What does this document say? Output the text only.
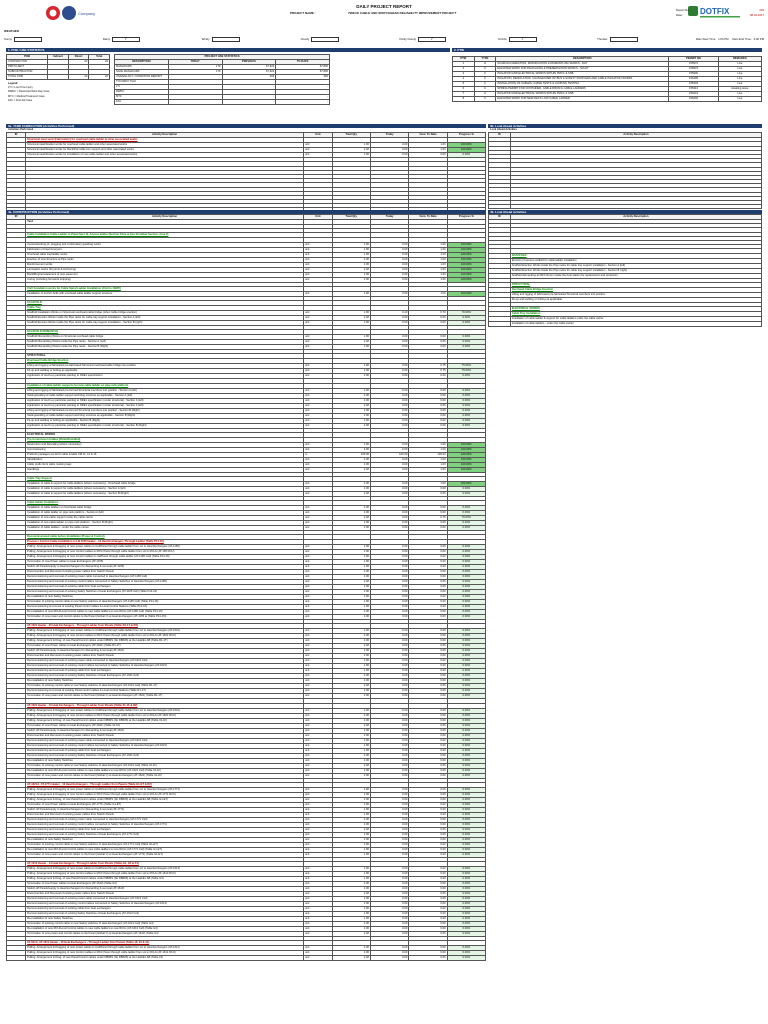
Company
DAILY PROJECT REPORT
PROJECT NAME :	TWEAK CABLE AND SWITCHGEAR RELIABILITY IMPROVEMENT PROJECT	DOTFIX
Report No. :	203
Date:	08.02.2017
WEATHER
Sunny	Rainy	✓	Windy	Cloudy	Partly Cloudy	✓	Drizzle	✓	Thunder	Rain Start Time: 1:00 PM Rain End Time: 4:00 PM
1. POB / HSE STATISTICS
POB	Indirect	Direct	Total
CONTRACTOR		22	22
PMT/CLIENT			
SUBCONTRACTOR			
TOTAL POB		22	22
Legend:
LTI = Lost Time Injury
RWDC = Restricted Work Day Case
MTC = Medical Treatment Case
FAC = First Aid Case
PROJECT HSE STATISTICS			
DESCRIPTION	TODAY	PREVIOUS	TO DATE
MANHOURS	176	67,624	67,800
SAFE MANHOURS	176	67,624	67,800
UNSAFE ACT / CONDITION REPORT		366	366
TOOLBOX TALK			
LTI		-	-
RWDC		-	-
MTC		-	-
FAC		-	-
2. PTW
PTW	TYPE	DESCRIPTION	PERMIT NO	REMARKS
1	H	SCAFFOLD ERECTION, MODIFICATION & DISMANTLING WORKS - DAY	155972	Live
2	C	ELEVATED WORK FOR PACKAGING & PRESERVATION WORKS - NIGHT	155973	Live
3	C	ISOLATION AND ELECTRICAL WORKS WITHIN PMCC & SSB	155990	Live
4	C	ISOLATION, DEISOLATION, CHANGEOVER OF BUS & SAFETY SWITCHES AND CABLE ISOLATION WORKS	156499	Live
5	C	INSTALLATION OF CABLES, CABLE TESTS & LOOPING TESTING	155303	Live
6	C	SPRING PERMIT FOR CONTAINER, CABLE DRUM & CABLE LADDERS	156313	Awaiting issue
7	C	ISOLATION AND ELECTRICAL WORKS WITHIN PMCC & SSB	156219	Live
8	C	ELEVATED WORK FOR NEW DECK LOW CABLE LADDER	156202	Live
3a. YARD FABRICATION (Activities Performed)
Activities Performed
ID	Activity Description	Unit	Total Qty.	Today	Cum. To Date	Progress %
	Structural steel work (Fabrication) for overhead cable ladder & other associated works					
	Structural steel/bracket works for overhead cable ladder and other associated works	unit	1.00	0.00	1.00	100.00%
	Structural steel/bracket works for Rack/Pull cable box support and other associated works	unit	1.00	0.00	1.00	100.00%
	Structural steel/bracket works for installation of new cable ladder and other associated works	unit	1.00	0.00	0.00	0.00%

3b. Look Ahead Activities
Look Ahead Activities
ID	Activity Description

4a. CONSTRUCTION (Activities Performed)
ID	Activity Description	Unit	Total Qty.	Today	Cum. To Date	Progress %
	Yard					

	Cable Installation Cable Ladder to Panel Sect. B, Access ladder (Section Flare & Gas Scrubber Section, Area 2)					

	Access/working pit, plugging and confirmatory gas/drag works	unit	1.00	0.00	1.00	100.00%
	Fabrication of tray/conveyors	unit	1.00	0.00	1.00	100.00%
	Overhead cable tray/ladder works	unit	1.00	0.00	1.00	100.00%
	Erection of new Structure at Pipe racks	unit	1.00	0.00	1.00	100.00%
	Reinforcement works	unit	1.00	0.00	1.00	100.00%
	Lamination works (for joints & Anchoring)	unit	1.00	0.00	1.00	100.00%
	Backfilling/reinstatement of new pavement	unit	1.00	0.00	1.00	100.00%
	Curing (including formwork stripping)	unit	1.00	0.00	1.00	100.00%

	Civil foundation works for Cable Spiral Ladder Installation (Civil to CBR5)					
	Installation of anchor-bolts with overhead cable ladder support structure	unit	1.00	0.00	1.00	100.00%

	SCAFFOLD					
	Cable Tray					
	Scaffold Installation Works on Structural overhead cable bridge (other Cable bridge erection)	unit	1.00	0.10	0.70	70.00%
	Scaffold Erection Works inside the Pipe racks for cable tray support installation - Section A (left)	unit	1.00	0.00	0.00	0.00%
	Scaffold Erection Works inside the Pipe racks for cable tray support installation - Section B (right)	unit	1.00	0.00	0.00	0.00%

	SCAFFOLD DISMANTLE					
	Scaffold Dismantling Works on Structural overhead cable bridge	unit	1.00	0.00	0.00	0.00%
	Scaffold Dismantling Works inside the Pipe racks - Section A (Left)	unit	1.00	0.00	0.00	0.00%
	Scaffold Dismantling Works inside the Pipe racks - Section B (Right)	unit	1.00	0.00	0.00	0.00%

	STRUCTURAL					
	Overhead Cable Bridge Erection					
	Lifting and rigging of fabricated pre-fabricated Structural overhead cable bridge into position	unit	1.00	0.00	0.75	75.00%
	Fit-up and welding or bolting as applicable	unit	1.00	0.00	0.75	75.00%
	Application of touch-up paint/site painting to NDE1 spec/bottom	unit	1.00	0.00	0.00	0.00%

	Installation of cable-ladder supports for new cable ladder on pipe rack platform					
	Lifting and rigging of fabricated pre-formed Structural members into position - Section A (left)	unit	1.00	0.00	0.00	0.00%
	Setting/welding of cable ladder support and tiling structure as applicable - Section A (left)	unit	1.00	0.00	0.00	0.00%
	Application of touch-up paint/site painting to NDE1 specification (under structural) - Section A (left)	unit	1.00	0.00	0.00	0.00%
	Application of touch-up paint/site painting to NDE1 specification (under structural) - Section A (left)	unit	1.00	0.00	0.00	0.00%
	Lifting and rigging of fabricated pre-formed Structural members into position - Section B (Right)	unit	1.00	0.00	0.00	0.00%
	Setting/welding of cable ladder support and tiling structure as applicable - Section B (Right)	unit	1.00	0.00	0.00	0.00%
	Fit-up and welding or bolting as applicable - Section B (Right)	unit	1.00	0.00	0.00	0.00%
	Application of touch-up paint/site painting to NDE1 specification (under structural) - Section B (Right)	unit	1.00	0.00	0.00	0.00%

	ELECTRICAL WORKS					
	Pre-Commission Cables (Pulled/Installed)					
	Destruction and Descaling (where necessary)	unit	1.00	0.00	1.00	100.00%
	Commissioning	unit	1.00	0.00	1.00	100.00%
	Prefinish packages per ECC cable & table CM 11, 14 & 16	m	100.00	100.00	100.00	100.00%
	Identification	unit	1.00	0.00	1.00	100.00%
	Cable prefix list & cable marking tags	unit	1.00	0.00	1.00	100.00%
	Handlings	unit	1.00	0.00	1.00	100.00%

	Cable Tray Support					
	Installation of cable & support for cable ladders (where necessary) - Overhead cable bridge	unit	1.00	0.00	1.00	100.00%
	Installation of cable & support for cable ladders (where necessary) - Section A (left)	unit	1.00	0.00	0.00	0.00%
	Installation of cable & support for cable ladders (where necessary) - Section B (Right)	unit	1.00	0.00	0.00	0.00%

	Cable ladder Installation					
	Installation of cable ladders on Overhead cable bridge	unit	1.00	0.00	0.00	0.00%
	Installation of cable ladder on pipe rack platform - Section A (left)	unit	1.00	0.00	0.00	0.00%
	Installation of new cable support under the cable carrier	unit	1.00	0.00	0.76	76.00%
	Installation of new cable ladder on pipe rack platform - Section B (Right)	unit	1.00	0.00	0.00	0.00%
	Installation of cable ladders - under the cable carrier	unit	1.00	0.00	0.00	0.00%

	Decommissioned cable before Installation (Power & Control)					
	Process / Control Cable Installation to LB 1165 Heater - 13 Heat Exchangers Through Ladder (Table P14-16)					
	Pulling, Arrangement & Dragging of new power cables to Cell/Panel through cable ladder from sct to Heat Exchangers (AT-1165)	unit	1.00	0.00	0.00	0.00%
	Pulling, Arrangement & Dragging of new Control cables to MCC Panel through cable ladder from sct to RCUs (AT-165 RCU)	unit	1.00	0.00	0.00	0.00%
	Pulling, Arrangement & Dragging of new Control cables to cell/Panel through cable ladder (AT-1165 Cell) (Table P14-16)	unit	1.00	0.00	0.00	0.00%
	Termination of new Power cables to Heat Exchangers (AT-1165)	unit	1.00	0.00	0.00	0.00%
	Switch-off Panels/supply to Heat Exchangers for dismantling & removal (AT-1165)	unit	1.00	0.00	0.00	0.00%
	Disconnection and Removal of existing power cables from Switch Panels	unit	1.00	0.00	0.00	0.00%
	Decommissioning and removal of existing power cable connected to Heat Exchangers (AT-1165 Cell)	unit	1.00	0.00	0.00	0.00%
	Decommissioning and removal of existing control cables connected to Safety Switches of Heat Exchangers (AT-1165)	unit	1.00	0.00	0.00	0.00%
	Decommissioning and removal of existing cable from heat exchangers	unit	1.00	0.00	0.00	0.00%
	Decommissioning and removal of existing Safety Switches of Heat Exchangers (AT-1165 Cell) (Table P14-16)	unit	1.00	0.00	0.00	0.00%
	Re-installation of new Safety Switches	unit	1.00	0.00	0.00	0.00%
	Termination of existing control cable to new Safety switches of Heat Exchangers (AT-1165 Cell) (Table P14-16)	unit	1.00	0.00	0.00	0.00%
	Decommissioning & removal of existing Panel control cables & Local Control Stations (Table P14-16)	unit	1.00	0.00	0.00	0.00%
	Re-installation of new RCU/Local Control cables to new cable ladders to new RCUs (AT-1165 Cell) (Table P14-16)	unit	1.00	0.00	0.00	0.00%
	Termination of new power and control cables to the Panel (Global C) at Heat Exchangers (AT-1165 at (Table P14-16))	unit	1.00	0.00	0.00	0.00%

	AT-1621 Heater - 20 Heat Exchangers - Through Ladder from Panels (Table R1-1T & R2)					
	Pulling, Arrangement & Dragging of new power cables to Cell/Panel through cable ladder from sct to Heat Exchangers (AT-1621)	unit	1.00	0.00	0.00	0.00%
	Pulling, Arrangement & Dragging of new Control cables to MCC Panel through cable ladder from sct to RCUs (AT-1621 RCU)	unit	1.00	0.00	0.00	0.00%
	Pulling, Arrangement & Drag, of new Panel/Control cables under DBIMS (No DBIMS) at the Heat/EL AB (Table R1-1T)	unit	1.00	0.00	0.00	0.00%
	Termination of new Power cables to Heat Exchangers (AT-1621) (Table R1-1T)	unit	1.00	0.00	0.00	0.00%
	Switch-off Panels/supply to Heat Exchangers for dismantling & removal (AT-1621)	unit	1.00	0.00	0.00	0.00%
	Disconnection and Removal of existing power cables from Switch Panels	unit	1.00	0.00	0.00	0.00%
	Decommissioning and removal of existing power cable connected to Heat Exchangers (AT-1621 Cell)	unit	1.00	0.00	0.00	0.00%
	Decommissioning and removal of existing control cables connected to Safety Switches of Heat Exchangers (AT-1621)	unit	1.00	0.00	0.00	0.00%
	Decommissioning and removal of existing cable from heat exchangers	unit	1.00	0.00	0.00	0.00%
	Decommissioning and removal of existing Safety Switches of Heat Exchangers (AT-1621 Cell)	unit	1.00	0.00	0.00	0.00%
	Re-installation of new Safety Switches	unit	1.00	0.00	0.00	0.00%
	Termination of existing control cable to new Safety switches of Heat Exchangers (AT-1621 Cell) (Table R1-1T)	unit	1.00	0.00	0.00	0.00%
	Decommissioning & removal of existing Panel control cables & Local Control Stations (Table R1-1T)	unit	1.00	0.00	0.00	0.00%
	Termination of new power and control cables to the Panel (Global C) at Heat Exchangers (AT-1621) (Table R1-1T)	unit	1.00	0.00	0.00	0.00%

	AT-1621 Heater - 10 Heat Exchangers - Through Ladder from Panels (Table 31-1F & R2)					
	Pulling, Arrangement & Dragging of new power cables to Cell/Panel through cable ladder from sct to Heat Exchangers (AT-1621)	unit	1.00	0.00	0.00	0.00%
	Pulling, Arrangement & Dragging of new Control cables to MCC Panel through cable ladder from sct to RCUs (AT-1621 RCU)	unit	1.00	0.00	0.00	0.00%
	Pulling, Arrangement & Drag, of new Panel/Control cables under DBIMS (No DBIMS) at the Heat/EL AB (Table 31-1F)	unit	1.00	0.00	0.00	0.00%
	Termination of new Power cables to Heat Exchangers (AT-1621) (Table 31-1F)	unit	1.00	0.00	0.00	0.00%
	Switch-off Panels/supply to Heat Exchangers for dismantling & removal (AT-1621)	unit	1.00	0.00	0.00	0.00%
	Disconnection and Removal of existing power cables from Switch Panels	unit	1.00	0.00	0.00	0.00%
	Decommissioning and removal of existing power cable connected to Heat Exchangers (AT-1621 Cell)	unit	1.00	0.00	0.00	0.00%
	Decommissioning and removal of existing control cables connected to Safety Switches of Heat Exchangers (AT-1621)	unit	1.00	0.00	0.00	0.00%
	Decommissioning and removal of existing cable from heat exchangers	unit	1.00	0.00	0.00	0.00%
	Decommissioning and removal of existing Safety Switches of Heat Exchangers (AT-1621 Cell)	unit	1.00	0.00	0.00	0.00%
	Re-installation of new Safety Switches	unit	1.00	0.00	0.00	0.00%
	Termination of existing control cable to new Safety switches of Heat Exchangers (AT-1621 Cell) (Table 31-1F)	unit	1.00	0.00	0.00	0.00%
	Re-installation of new RCU/Local Control cables to new cable ladders to new RCUs (AT-1621 Cell) (Table 31-1F)	unit	1.00	0.00	0.00	0.00%
	Termination of new power and control cables to the Panel (Global C) at Heat Exchangers (AT-1621) (Table 31-1F)	unit	1.00	0.00	0.00	0.00%

	AT-1621A, AT-1771 Heater - 10 Heat Exchangers - Through Ladder from Panels (Table G1-ET & R2)					
	Pulling, Arrangement & Dragging of new power cables to Cell/Panel through cable ladder from sct to Heat Exchangers (AT-1771)	unit	1.00	0.00	0.00	0.00%
	Pulling, Arrangement & Dragging of new Control cables to MCC Panel through cable ladder from sct to RCUs (AT-1771 RCU)	unit	1.00	0.00	0.00	0.00%
	Pulling, Arrangement & Drag, of new Panel/Control cables under DBIMS (No DBIMS) at the Heat/EL AB (Table G1-ET)	unit	1.00	0.00	0.00	0.00%
	Termination of new Power cables to Heat Exchangers (AT-1771) (Table G1-ET)	unit	1.00	0.00	0.00	0.00%
	Switch-off Panels/supply to Heat Exchangers for dismantling & removal (AT-1771)	unit	1.00	0.00	0.00	0.00%
	Disconnection and Removal of existing power cables from Switch Panels	unit	1.00	0.00	0.00	0.00%
	Decommissioning and removal of existing power cable connected to Heat Exchangers (AT-1771 Cell)	unit	1.00	0.00	0.00	0.00%
	Decommissioning and removal of existing control cables connected to Safety Switches of Heat Exchangers (AT-1771)	unit	1.00	0.00	0.00	0.00%
	Decommissioning and removal of existing cable from heat exchangers	unit	1.00	0.00	0.00	0.00%
	Decommissioning and removal of existing Safety Switches of Heat Exchangers (AT-1771 Cell)	unit	1.00	0.00	0.00	0.00%
	Re-installation of new Safety Switches	unit	1.00	0.00	0.00	0.00%
	Termination of existing control cable to new Safety switches of Heat Exchangers (AT-1771 Cell) (Table G1-ET)	unit	1.00	0.00	0.00	0.00%
	Re-installation of new RCU/Local Control cables to new cable ladders to new RCUs (AT-1771 Cell) (Table G1-ET)	unit	1.00	0.00	0.00	0.00%
	Termination of new power and control cables to the Panel (Global C) at Heat Exchangers (AT-1771) (Table G1-ET)	unit	1.00	0.00	0.00	0.00%

	AT-1613 Heater - 14 Heat Exchangers - Through Ladder from Panels (Table G4, G5 & F4)					
	Pulling, Arrangement & Dragging of new power cables to Cell/Panel through cable ladder from sct to Heat Exchangers (AT-1613)	unit	1.00	0.00	0.00	0.00%
	Pulling, Arrangement & Dragging of new Control cables to MCC Panel through cable ladder from sct to RCUs (AT-1613 RCU)	unit	1.00	0.00	0.00	0.00%
	Pulling, Arrangement & Drag, of new Panel/Control cables under DBIMS (No DBIMS) at the Heat/EL AB (Table G4)	unit	1.00	0.00	0.00	0.00%
	Termination of new Power cables to Heat Exchangers (AT-1613) (Table G4)	unit	1.00	0.00	0.00	0.00%
	Switch-off Panels/supply to Heat Exchangers for dismantling & removal (AT-1613)	unit	1.00	0.00	0.00	0.00%
	Disconnection and Removal of existing power cables from Switch Panels	unit	1.00	0.00	0.00	0.00%
	Decommissioning and removal of existing power cable connected to Heat Exchangers (AT-1613 Cell)	unit	1.00	0.00	0.00	0.00%
	Decommissioning and removal of existing control cables connected to Safety Switches of Heat Exchangers (AT-1613)	unit	1.00	0.00	0.00	0.00%
	Decommissioning and removal of existing cable from heat exchangers	unit	1.00	0.00	0.00	0.00%
	Decommissioning and removal of existing Safety Switches of Heat Exchangers (AT-1613 Cell)	unit	1.00	0.00	0.00	0.00%
	Re-installation of new Safety Switches	unit	1.00	0.00	0.00	0.00%
	Termination of existing control cable to new Safety switches of Heat Exchangers (AT-1613 Cell) (Table G4)	unit	1.00	0.00	0.00	0.00%
	Re-installation of new RCU/Local Control cables to new cable ladders to new RCUs (AT-1613 Cell) (Table G4)	unit	1.00	0.00	0.00	0.00%
	Termination of new power and control cables to the Panel (Global C) at Heat Exchangers (AT-1613) (Table G4)	unit	1.00	0.00	0.00	0.00%

	AT-621A, AT-1611 Heater - 16 Heat Exchangers - Through Ladder from Panels (Table 16, 24 & 21)					
	Pulling, Arrangement & Dragging of new power cables to Cell/Panel through cable ladder from sct to Heat Exchangers (AT-1611)	unit	1.00	0.00	0.00	0.00%
	Pulling, Arrangement & Dragging of new Control cables to MCC Panel through cable ladder from sct to RCUs (AT-1611 RCU)	unit	1.00	0.00	0.00	0.00%
	Pulling, Arrangement & Drag, of new Panel/Control cables under DBIMS (No DBIMS) at the Heat/EL AB (Table 16)	unit	1.00	0.00	0.00	0.00%
4b. Look Ahead Activities
ID	Activity Description

	SCAFFOLD
	Erection of access scaffold for cable ladder installation
	Scaffold Erection Works inside the Pipe racks for cable tray support installation - Section A (left)
	Scaffold Erection Works inside the Pipe racks for cable tray support installation - Section B (right)
	Scaffold dismantling at MCC Room inside the Fuel station for replacement and protection

	STRUCTURAL
	Overhead Cable Bridge Erection
	Lifting and rigging of fabricated pre-fabricated Structural members into position
	Fit-up and welding or bolting as applicable

	ELECTRICAL WORKS
	Cable Tray Installation
	Installation of cable ladder & support for cable ladders under the cable carrier
	Installation of cable ladders - under the cable carrier
